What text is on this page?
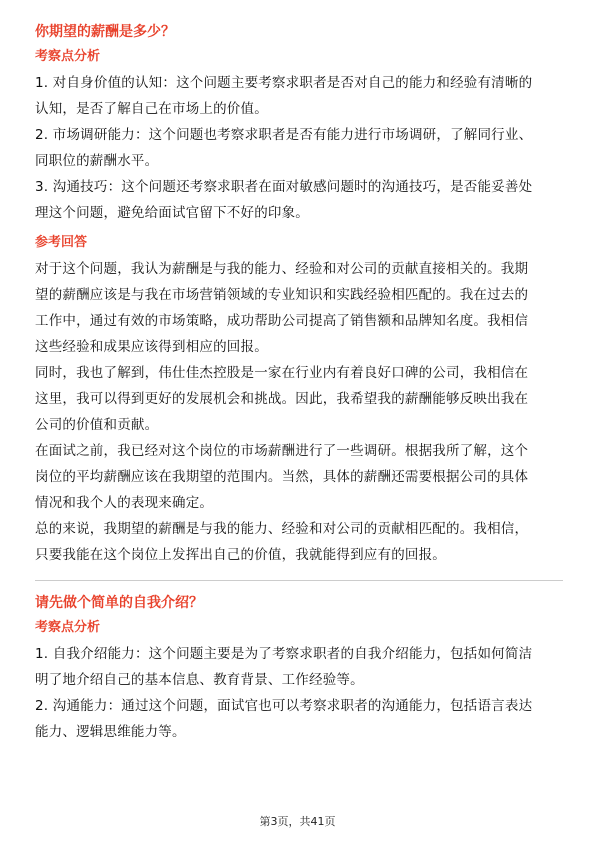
你期望的薪酬是多少？
考察点分析

1. 对自身价值的认知：这个问题主要考察求职者是否对自己的能力和经验有清晰的
认知，是否了解自己在市场上的价值。

2. 市场调研能力：这个问题也考察求职者是否有能力进行市场调研，了解同行业、
同职位的薪酬水平。

3. 沟通技巧：这个问题还考察求职者在面对敏感问题时的沟通技巧，是否能妥善处
理这个问题，避免给面试官留下不好的印象。

参考回答

对于这个问题，我认为薪酬是与我的能力、经验和对公司的贡献直接相关的。我期
望的薪酬应该是与我在市场营销领域的专业知识和实践经验相匹配的。我在过去的
工作中，通过有效的市场策略，成功帮助公司提高了销售额和品牌知名度。我相信
这些经验和成果应该得到相应的回报。

同时，我也了解到，伟仕佳杰控股是一家在行业内有着良好口碑的公司，我相信在
这里，我可以得到更好的发展机会和挑战。因此，我希望我的薪酬能够反映出我在
公司的价值和贡献。

在面试之前，我已经对这个岗位的市场薪酬进行了一些调研。根据我所了解，这个
岗位的平均薪酬应该在我期望的范围内。当然，具体的薪酬还需要根据公司的具体
情况和我个人的表现来确定。

总的来说，我期望的薪酬是与我的能力、经验和对公司的贡献相匹配的。我相信，
只要我能在这个岗位上发挥出自己的价值，我就能得到应有的回报。

请先做个简单的自我介绍？
考察点分析

1. 自我介绍能力：这个问题主要是为了考察求职者的自我介绍能力，包括如何简洁
明了地介绍自己的基本信息、教育背景、工作经验等。

2. 沟通能力：通过这个问题，面试官也可以考察求职者的沟通能力，包括语言表达
能力、逻辑思维能力等。

第3页，共41页
